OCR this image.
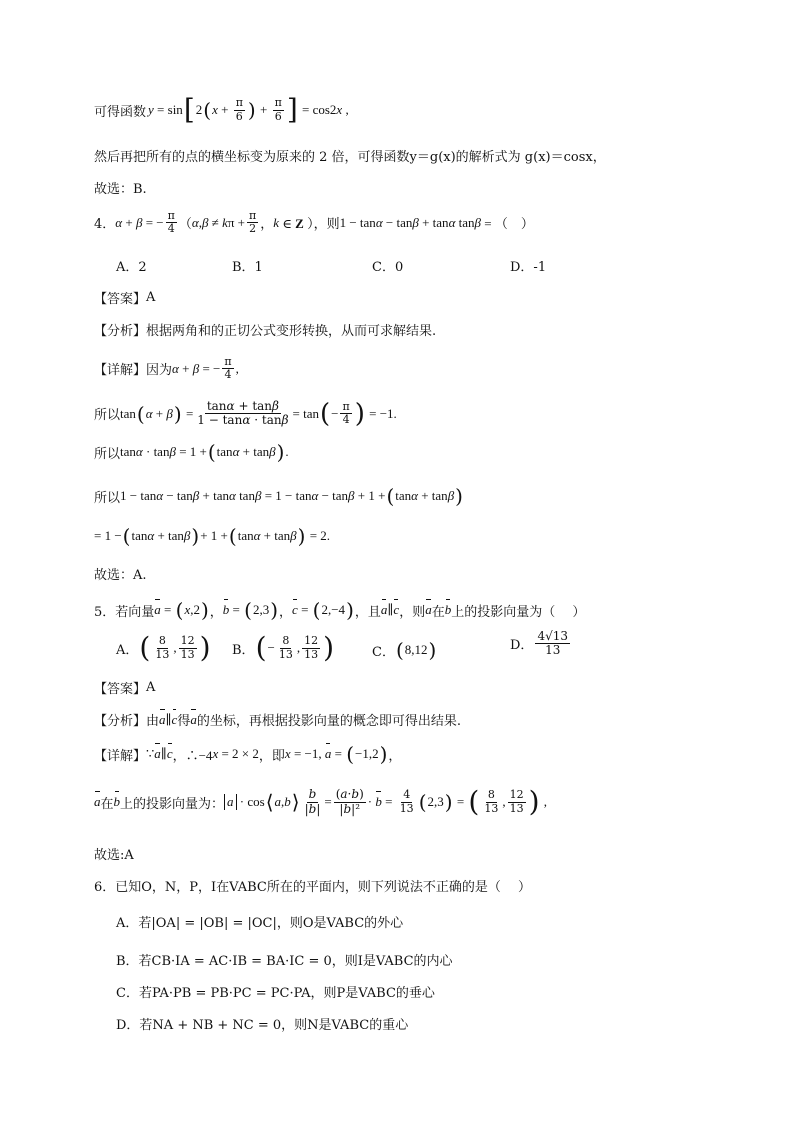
可得函数 y = sin [ 2 ( $x + \frac{\pi}{6}$ ) + $\frac{\pi}{6}$ ] = cos2 x ,
然后再把所有的点的横坐标变为原来的 2 倍，可得函数y＝g(x)的解析式为 g(x)＝cosx，
故选：B.
4． α + β = − $\frac{\pi}{4}$ （ α , β ≠ k $\pi + \frac{\pi}{2}$ ， k ∈ Z ），则 1 − tan α − tan β + tan α tan β = （    ）
A．2	B．1	C．0	D．-1
【答案】 A
【分析】 根据两角和的正切公式变形转换，从而可求解结果.
【详解】 因为 α + β = − $\frac{\pi}{4}$ ,
所以 tan ( α + β ) = $\frac{\tan\alpha + \tan\beta}{1 - \tan\alpha \cdot \tan\beta} = \tan$ ( − $\frac{\pi}{4}$ ) = −1.
所以 tan α · tan β = 1 + ( tan α + tan β ) .
所以 1 − tan α − tan β + tan α tan β = 1 − tan α − tan β + 1 + ( tan α + tan β )
= 1 − ( tan α + tan β ) + 1 + ( tan α + tan β ) = 2.
故选：A.
5．若向量 a = ( x ,2 ) ， b = ( 2,3 ) ， c = ( 2,−4 ) ，且 a ∥ c ，则 a 在 b 上的投影向量为（　 ）
A． ( $\frac{8}{13}$ , $\frac{12}{13}$ ) B． ( − $\frac{8}{13}$ , $\frac{12}{13}$ )	C． ( 8,12 )	D． $\frac{4√13}{13}$
【答案】 A
【分析】 由 a ∥ c 得 a 的坐标，再根据投影向量的概念即可得出结果.
【详解】 ∵ a ∥ c ，∴−4 x = 2 × 2 ，即 x = −1, a = ( −1,2 ) ，
a 在 b 上的投影向量为： a · cos ⟨ a , b ⟩ $\frac{b}{|b|} = \frac{(a\cdot b)}{\text{|b|²}} \cdot b = \frac{4}{13}$ ( 2,3 ) = ( $\frac{8}{13}$ , $\frac{12}{13}$ ) ,
故选:A
6．已知O，N，P，I在VABC所在的平面内，则下列说法不正确的是（　 ）
A．若|OA| = |OB| = |OC|，则O是VABC的外心
B．若CB·IA = AC·IB = BA·IC = 0，则I是VABC的内心
C．若PA·PB = PB·PC = PC·PA，则P是VABC的垂心
D．若NA + NB + NC = 0，则N是VABC的重心
